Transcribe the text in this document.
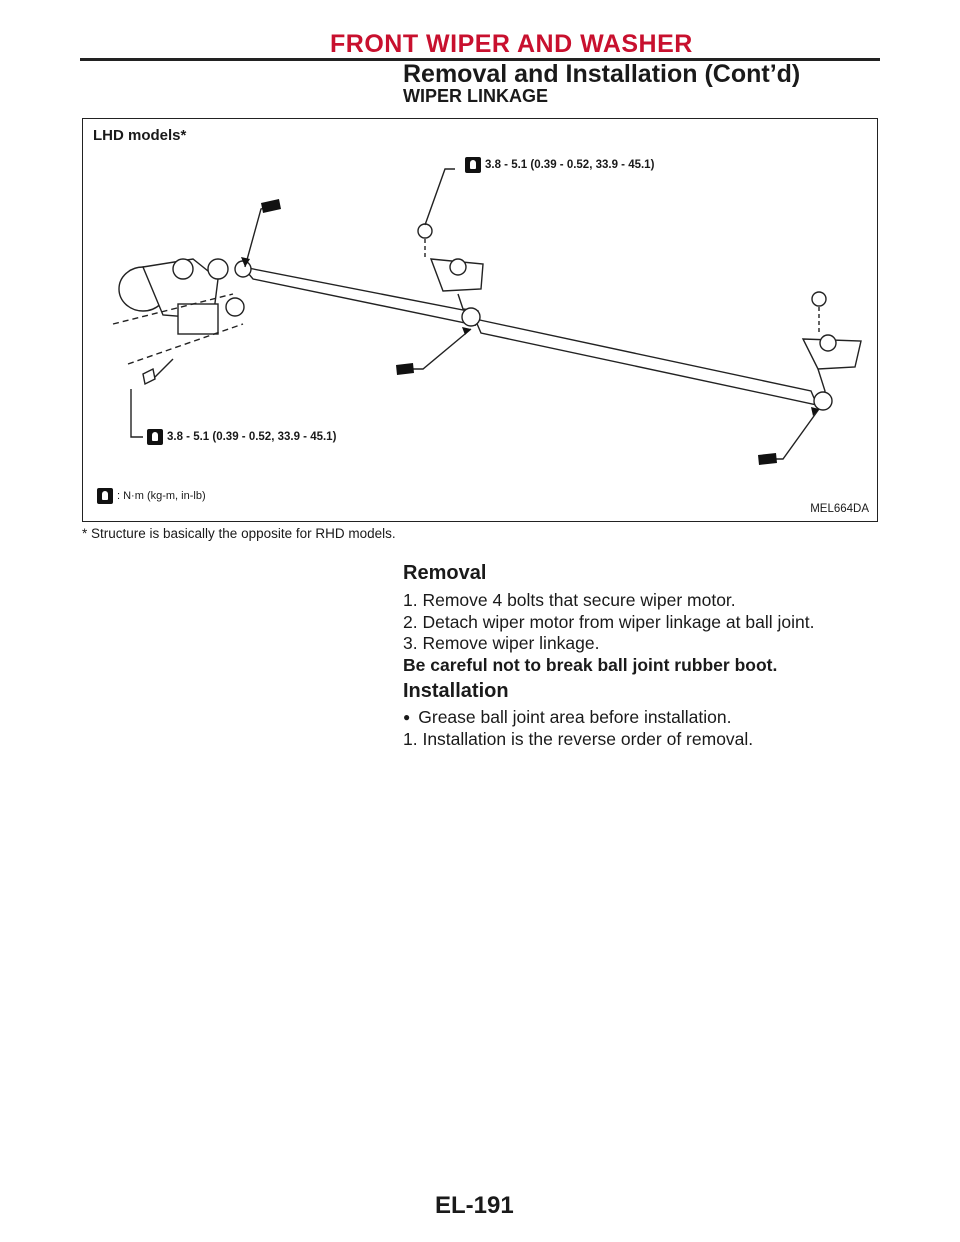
FRONT WIPER AND WASHER
Removal and Installation (Cont’d)
WIPER LINKAGE
LHD models*
3.8 - 5.1 (0.39 - 0.52, 33.9 - 45.1)
3.8 - 5.1 (0.39 - 0.52, 33.9 - 45.1)
: N·m (kg-m, in-lb)
MEL664DA
* Structure is basically the opposite for RHD models.
Removal
1. Remove 4 bolts that secure wiper motor.
2. Detach wiper motor from wiper linkage at ball joint.
3. Remove wiper linkage.
Be careful not to break ball joint rubber boot.
Installation
● Grease ball joint area before installation.
1. Installation is the reverse order of removal.
EL-191
